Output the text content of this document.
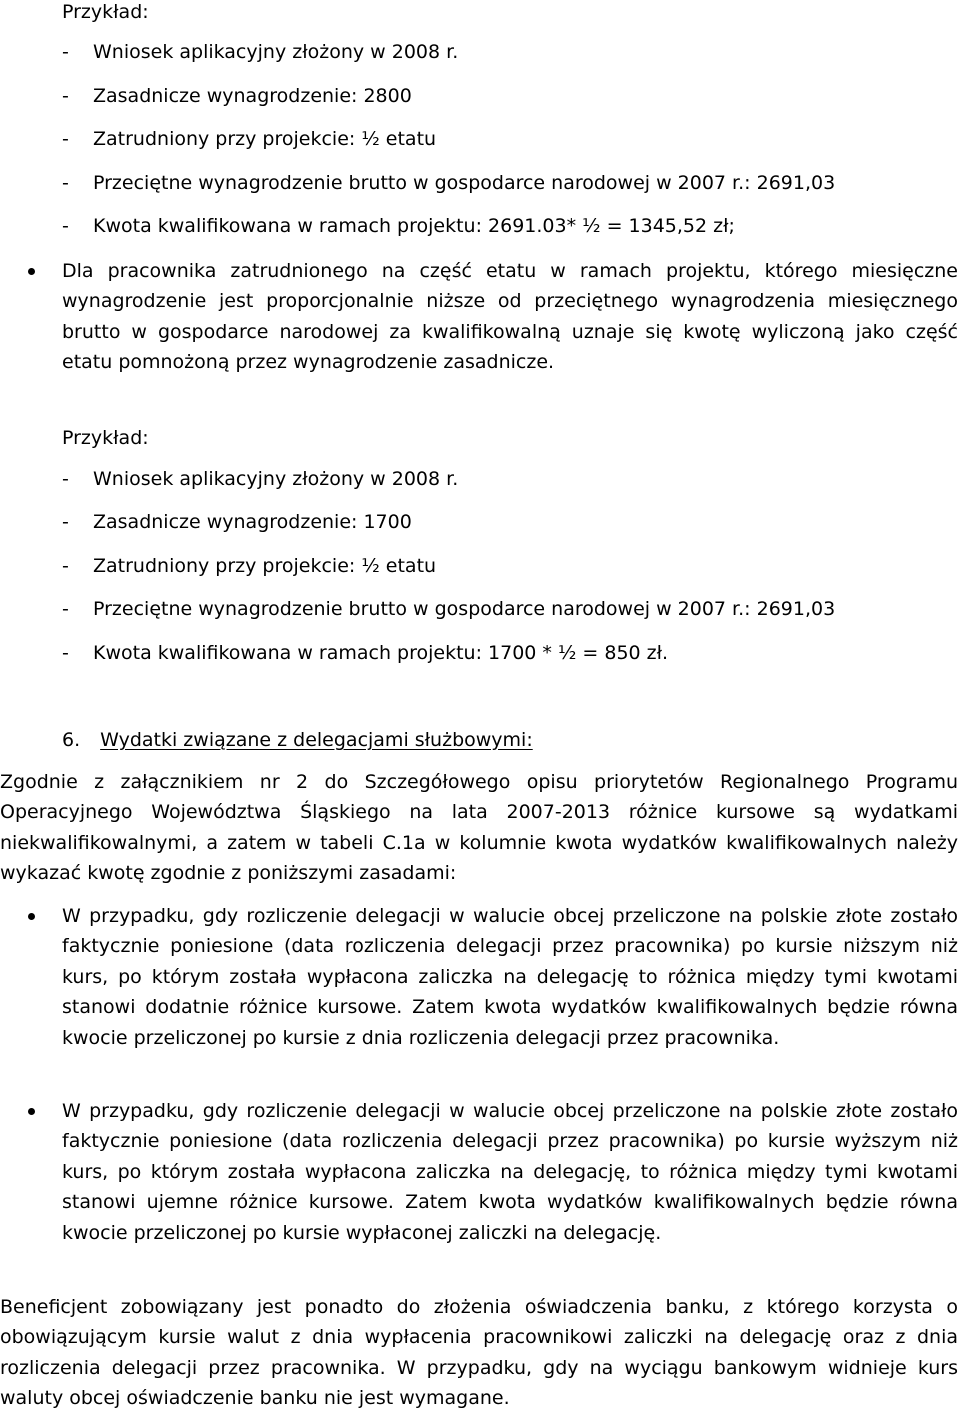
Przykład:
- Wniosek aplikacyjny złożony w 2008 r.
- Zasadnicze wynagrodzenie: 2800
- Zatrudniony przy projekcie: ½ etatu
- Przeciętne wynagrodzenie brutto w gospodarce narodowej w 2007 r.: 2691,03
- Kwota kwalifikowana w ramach projektu: 2691.03* ½ = 1345,52 zł;
Dla pracownika zatrudnionego na część etatu w ramach projektu, którego miesięczne wynagrodzenie jest proporcjonalnie niższe od przeciętnego wynagrodzenia miesięcznego brutto w gospodarce narodowej za kwalifikowalną uznaje się kwotę wyliczoną jako część etatu pomnożoną przez wynagrodzenie zasadnicze.
Przykład:
- Wniosek aplikacyjny złożony w 2008 r.
- Zasadnicze wynagrodzenie: 1700
- Zatrudniony przy projekcie: ½ etatu
- Przeciętne wynagrodzenie brutto w gospodarce narodowej w 2007 r.: 2691,03
- Kwota kwalifikowana w ramach projektu: 1700 * ½ = 850 zł.
6. Wydatki związane z delegacjami służbowymi:
Zgodnie z załącznikiem nr 2 do Szczegółowego opisu priorytetów Regionalnego Programu Operacyjnego Województwa Śląskiego na lata 2007-2013 różnice kursowe są wydatkami niekwalifikowalnymi, a zatem w tabeli C.1a w kolumnie kwota wydatków kwalifikowalnych należy wykazać kwotę zgodnie z poniższymi zasadami:
W przypadku, gdy rozliczenie delegacji w walucie obcej przeliczone na polskie złote zostało faktycznie poniesione (data rozliczenia delegacji przez pracownika) po kursie niższym niż kurs, po którym została wypłacona zaliczka na delegację to różnica między tymi kwotami stanowi dodatnie różnice kursowe. Zatem kwota wydatków kwalifikowalnych będzie równa kwocie przeliczonej po kursie z dnia rozliczenia delegacji przez pracownika.
W przypadku, gdy rozliczenie delegacji w walucie obcej przeliczone na polskie złote zostało faktycznie poniesione (data rozliczenia delegacji przez pracownika) po kursie wyższym niż kurs, po którym została wypłacona zaliczka na delegację, to różnica między tymi kwotami stanowi ujemne różnice kursowe. Zatem kwota wydatków kwalifikowalnych będzie równa kwocie przeliczonej po kursie wypłaconej zaliczki na delegację.
Beneficjent zobowiązany jest ponadto do złożenia oświadczenia banku, z którego korzysta o obowiązującym kursie walut z dnia wypłacenia pracownikowi zaliczki na delegację oraz z dnia rozliczenia delegacji przez pracownika. W przypadku, gdy na wyciągu bankowym widnieje kurs waluty obcej oświadczenie banku nie jest wymagane.
